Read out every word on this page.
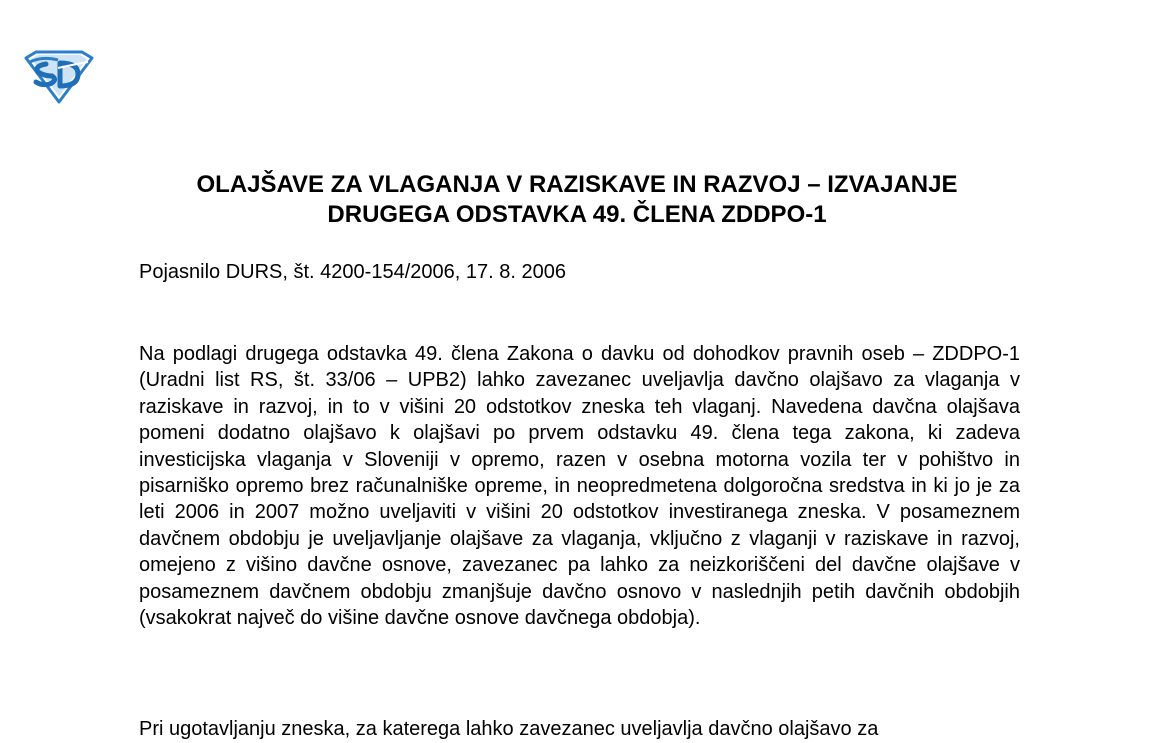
OLAJŠAVE ZA VLAGANJA V RAZISKAVE IN RAZVOJ – IZVAJANJE
DRUGEGA ODSTAVKA 49. ČLENA ZDDPO-1

Pojasnilo DURS, št. 4200-154/2006, 17. 8. 2006

Na podlagi drugega odstavka 49. člena Zakona o davku od dohodkov pravnih oseb – ZDDPO-1 (Uradni list RS, št. 33/06 – UPB2) lahko zavezanec uveljavlja davčno olajšavo za vlaganja v raziskave in razvoj, in to v višini 20 odstotkov zneska teh vlaganj. Navedena davčna olajšava pomeni dodatno olajšavo k olajšavi po prvem odstavku 49. člena tega zakona, ki zadeva investicijska vlaganja v Sloveniji v opremo, razen v osebna motorna vozila ter v pohištvo in pisarniško opremo brez računalniške opreme, in neopredmetena dolgoročna sredstva in ki jo je za leti 2006 in 2007 možno uveljaviti v višini 20 odstotkov investiranega zneska. V posameznem davčnem obdobju je uveljavljanje olajšave za vlaganja, vključno z vlaganji v raziskave in razvoj, omejeno z višino davčne osnove, zavezanec pa lahko za neizkoriščeni del davčne olajšave v posameznem davčnem obdobju zmanjšuje davčno osnovo v naslednjih petih davčnih obdobjih (vsakokrat največ do višine davčne osnove davčnega obdobja).

Pri ugotavljanju zneska, za katerega lahko zavezanec uveljavlja davčno olajšavo za
